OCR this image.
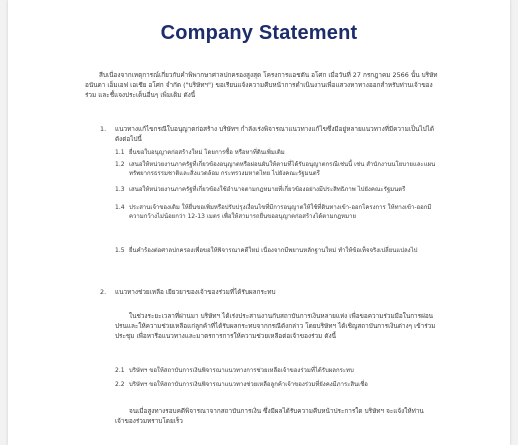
Company Statement
สืบเนื่องจากเหตุการณ์เกี่ยวกับคำพิพากษาศาลปกครองสูงสุด โครงการแอชตัน อโศก เมื่อวันที่ 27 กรกฎาคม 2566 นั้น บริษัท อนันดา เอ็มเอฟ เอเชีย อโศก จำกัด ("บริษัทฯ") ขอเรียนแจ้งความคืบหน้าการดำเนินงานเพื่อแสวงหาทางออกสำหรับท่านเจ้าของร่วม และชี้แจงประเด็นอื่นๆ เพิ่มเติม ดังนี้
1. แนวทางแก้ไขกรณีใบอนุญาตก่อสร้าง บริษัทฯ กำลังเร่งพิจารณาแนวทางแก้ไขซึ่งมีอยู่หลายแนวทางที่มีความเป็นไปได้ ดังต่อไปนี้
1.1 ยื่นขอใบอนุญาตก่อสร้างใหม่ โดยการซื้อ หรือหาที่ดินเพิ่มเติม
1.2 เสนอให้หน่วยงานภาครัฐที่เกี่ยวข้องอนุญาตหรือผ่อนผันให้ตามที่ได้รับอนุญาตกรณีเช่นนี้ เช่น สำนักงานนโยบายและแผนทรัพยากรธรรมชาติและสิ่งแวดล้อม กระทรวงมหาดไทย ไปยังคณะรัฐมนตรี
1.3 เสนอให้หน่วยงานภาครัฐที่เกี่ยวข้องใช้อำนาจตามกฎหมายที่เกี่ยวข้องอย่างมีประสิทธิภาพ ไปยังคณะรัฐมนตรี
1.4 ประสานเจ้าของเดิม ให้ยื่นขอเพิ่มหรือปรับปรุงเงื่อนไขที่มีการอนุญาตให้ใช้ที่ดินทางเข้า-ออกโครงการ ให้ทางเข้า-ออกมีความกว้างไม่น้อยกว่า 12-13 เมตร เพื่อให้สามารถยื่นขออนุญาตก่อสร้างได้ตามกฎหมาย
1.5 ยื่นคำร้องต่อศาลปกครองเพื่อขอให้พิจารณาคดีใหม่ เนื่องจากมีพยานหลักฐานใหม่ ทำให้ข้อเท็จจริงเปลี่ยนแปลงไป
2. แนวทางช่วยเหลือ เยียวยาของเจ้าของร่วมที่ได้รับผลกระทบ
ในช่วงระยะเวลาที่ผ่านมา บริษัทฯ ได้เร่งประสานงานกับสถาบันการเงินหลายแห่ง เพื่อขอความร่วมมือในการผ่อนปรนและให้ความช่วยเหลือแก่ลูกค้าที่ได้รับผลกระทบจากกรณีดังกล่าว โดยบริษัทฯ ได้เชิญสถาบันการเงินต่างๆ เข้าร่วมประชุม เพื่อหารือแนวทางและมาตรการการให้ความช่วยเหลือต่อเจ้าของร่วม ดังนี้
2.1 บริษัทฯ ขอให้สถาบันการเงินพิจารณาแนวทางการช่วยเหลือเจ้าของร่วมที่ได้รับผลกระทบ
2.2 บริษัทฯ ขอให้สถาบันการเงินพิจารณาแนวทางช่วยเหลือลูกค้าเจ้าของร่วมที่ยังคงมีภาระสินเชื่อ
จนเมื่อสูงทางรอบคดีพิจารณาจากสถาบันการเงิน ซึ่งมีผลได้รับความคืบหน้าประการใด บริษัทฯ จะแจ้งให้ท่านเจ้าของร่วมทราบโดยเร็ว
